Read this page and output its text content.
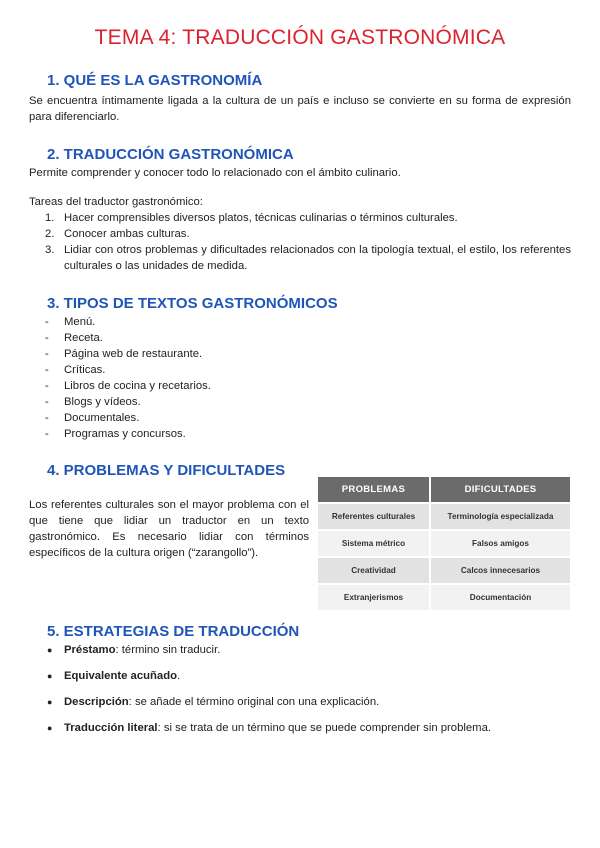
TEMA 4: TRADUCCIÓN GASTRONÓMICA
1. QUÉ ES LA GASTRONOMÍA
Se encuentra íntimamente ligada a la cultura de un país e incluso se convierte en su forma de expresión para diferenciarlo.
2. TRADUCCIÓN GASTRONÓMICA
Permite comprender y conocer todo lo relacionado con el ámbito culinario.
Tareas del traductor gastronómico:
1. Hacer comprensibles diversos platos, técnicas culinarias o términos culturales.
2. Conocer ambas culturas.
3. Lidiar con otros problemas y dificultades relacionados con la tipología textual, el estilo, los referentes culturales o las unidades de medida.
3. TIPOS DE TEXTOS GASTRONÓMICOS
- Menú.
- Receta.
- Página web de restaurante.
- Críticas.
- Libros de cocina y recetarios.
- Blogs y vídeos.
- Documentales.
- Programas y concursos.
4. PROBLEMAS Y DIFICULTADES
Los referentes culturales son el mayor problema con el que tiene que lidiar un traductor en un texto gastronómico. Es necesario lidiar con términos específicos de la cultura origen (“zarangollo”).
PROBLEMAS	DIFICULTADES
Referentes culturales	Terminología especializada
Sistema métrico	Falsos amigos
Creatividad	Calcos innecesarios
Extranjerismos	Documentación
5. ESTRATEGIAS DE TRADUCCIÓN
● Préstamo: término sin traducir.
● Equivalente acuñado.
● Descripción: se añade el término original con una explicación.
● Traducción literal: si se trata de un término que se puede comprender sin problema.
